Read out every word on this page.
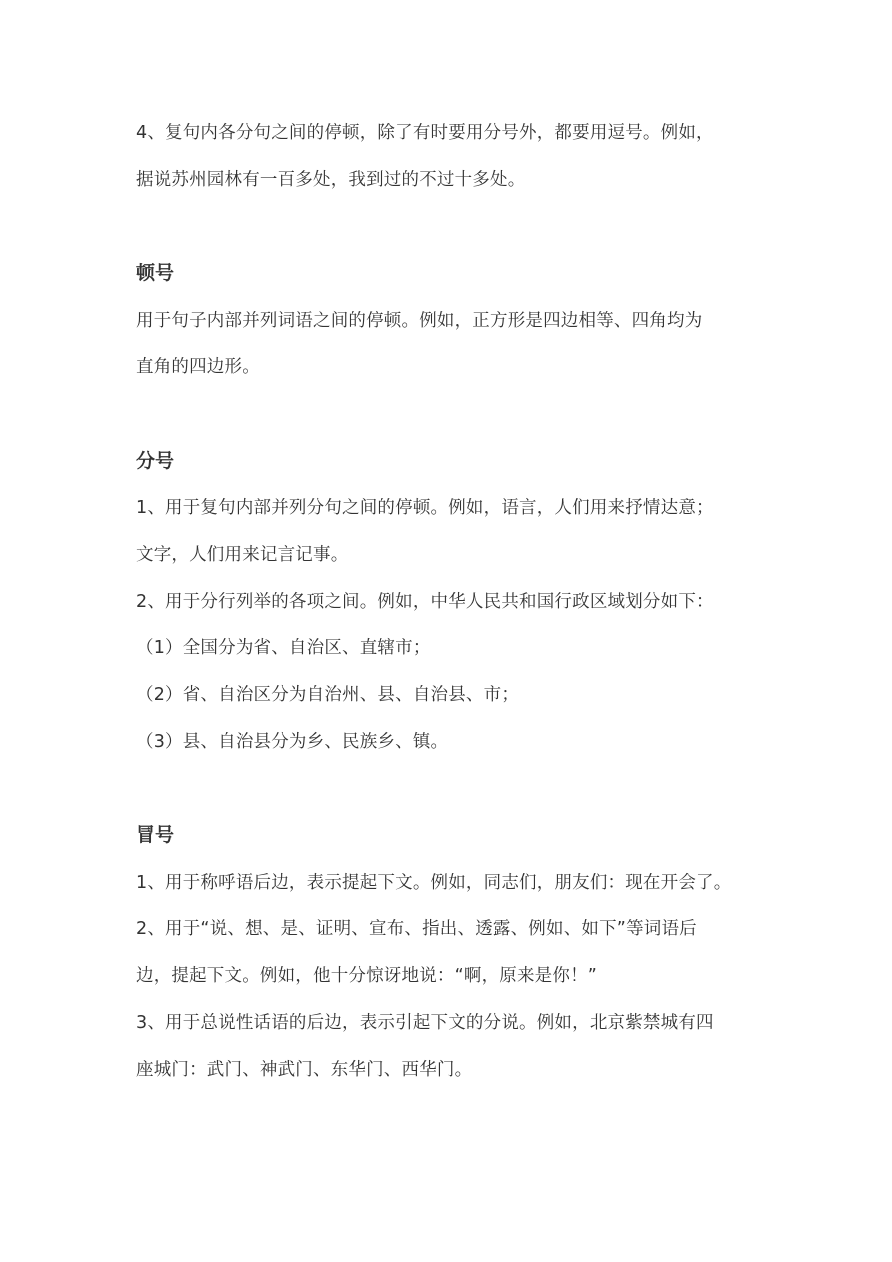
4、复句内各分句之间的停顿，除了有时要用分号外，都要用逗号。例如，
据说苏州园林有一百多处，我到过的不过十多处。
顿号
用于句子内部并列词语之间的停顿。例如，正方形是四边相等、四角均为
直角的四边形。
分号
1、用于复句内部并列分句之间的停顿。例如，语言，人们用来抒情达意；
文字，人们用来记言记事。
2、用于分行列举的各项之间。例如，中华人民共和国行政区域划分如下：
（1）全国分为省、自治区、直辖市；
（2）省、自治区分为自治州、县、自治县、市；
（3）县、自治县分为乡、民族乡、镇。
冒号
1、用于称呼语后边，表示提起下文。例如，同志们，朋友们：现在开会了。
2、用于“说、想、是、证明、宣布、指出、透露、例如、如下”等词语后
边，提起下文。例如，他十分惊讶地说：“啊，原来是你！”
3、用于总说性话语的后边，表示引起下文的分说。例如，北京紫禁城有四
座城门：武门、神武门、东华门、西华门。
